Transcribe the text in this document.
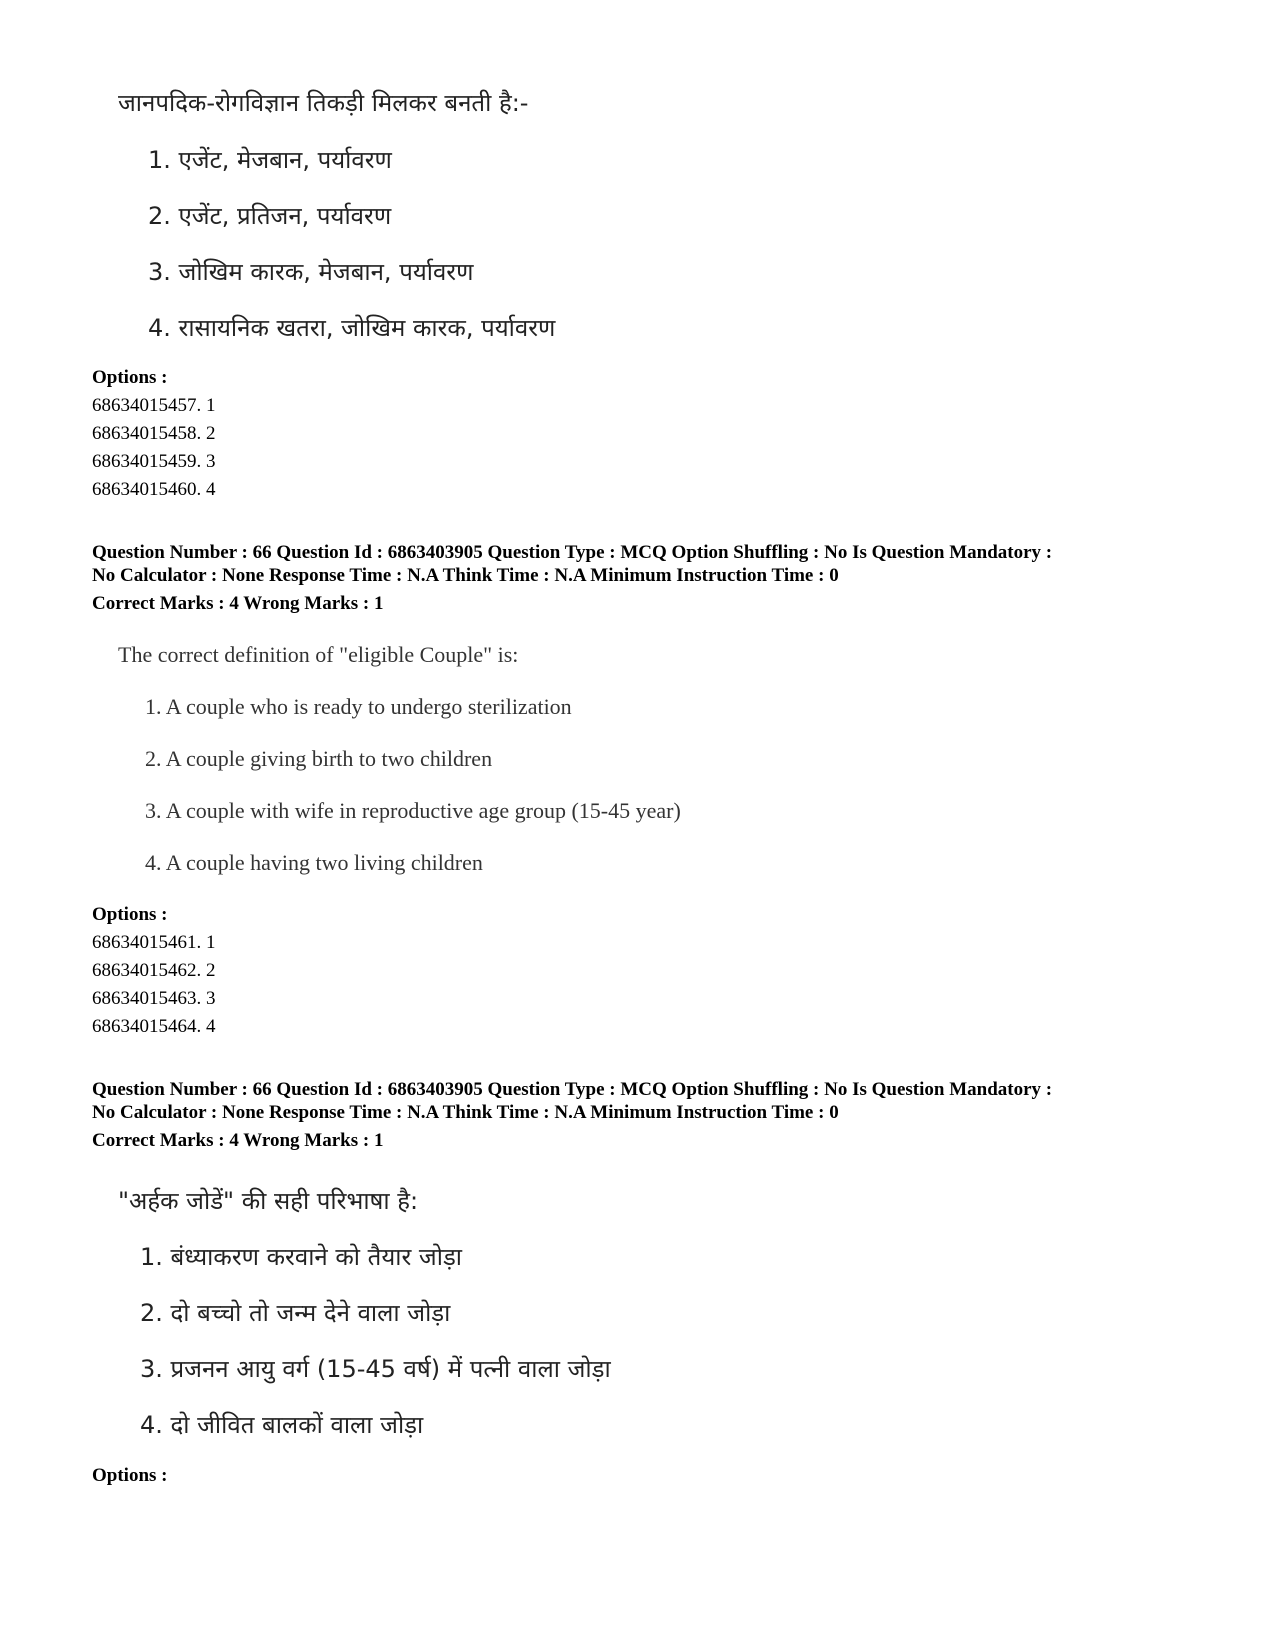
जानपदिक-रोगविज्ञान तिकड़ी मिलकर बनती है:-
1. एजेंट, मेजबान, पर्यावरण
2. एजेंट, प्रतिजन, पर्यावरण
3. जोखिम कारक, मेजबान, पर्यावरण
4. रासायनिक खतरा, जोखिम कारक, पर्यावरण
Options :
68634015457. 1
68634015458. 2
68634015459. 3
68634015460. 4
Question Number : 66 Question Id : 6863403905 Question Type : MCQ Option Shuffling : No Is Question Mandatory :
No Calculator : None Response Time : N.A Think Time : N.A Minimum Instruction Time : 0
Correct Marks : 4 Wrong Marks : 1
The correct definition of "eligible Couple" is:
1. A couple who is ready to undergo sterilization
2. A couple giving birth to two children
3. A couple with wife in reproductive age group (15-45 year)
4. A couple having two living children
Options :
68634015461. 1
68634015462. 2
68634015463. 3
68634015464. 4
Question Number : 66 Question Id : 6863403905 Question Type : MCQ Option Shuffling : No Is Question Mandatory :
No Calculator : None Response Time : N.A Think Time : N.A Minimum Instruction Time : 0
Correct Marks : 4 Wrong Marks : 1
"अर्हक जोडें" की सही परिभाषा है:
1. बंध्याकरण करवाने को तैयार जोड़ा
2. दो बच्चो तो जन्म देने वाला जोड़ा
3. प्रजनन आयु वर्ग (15-45 वर्ष) में पत्नी वाला जोड़ा
4. दो जीवित बालकों वाला जोड़ा
Options :
